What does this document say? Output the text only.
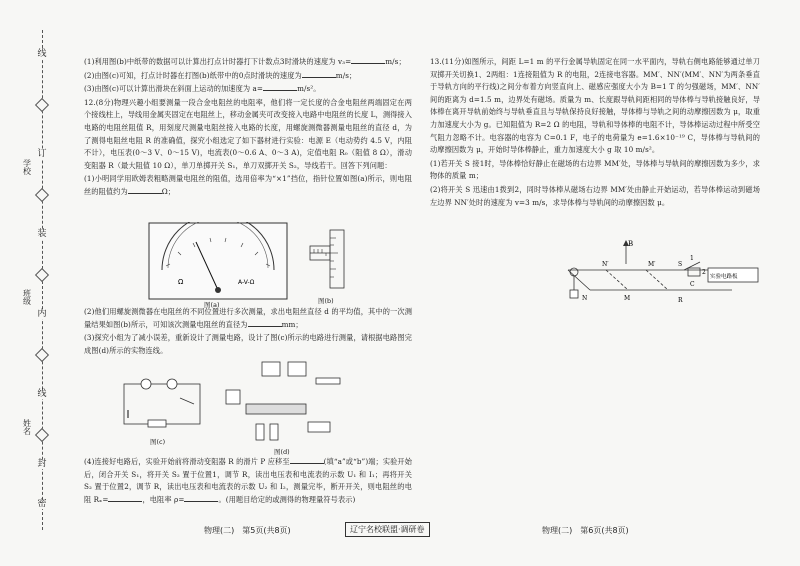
线
订
装
内
线
封
密
学校
班级
姓名

(1)利用图(b)中纸带的数据可以计算出打点计时器打下计数点3时滑块的速度为 v₃=	m/s；

(2)由图(c)可知，打点计时器在打图(b)纸带中的0点时滑块的速度为	m/s；

(3)由图(c)可以计算出滑块在斜面上运动的加速度为 a=	m/s²。

12.(8分)物理兴趣小组要测量一段合金电阻丝的电阻率，他们将一定长度的合金电阻丝两端固定在两个接线柱上，导线用金属夹固定在电阻丝上，移动金属夹可改变接入电路中电阻丝的长度 L，测得接入电路的电阻丝阻值 R，用刻度尺测量电阻丝接入电路的长度，用螺旋测微器测量电阻丝的直径 d，为了测得电阻丝电阻 R 的准确值，探究小组选定了如下器材进行实验：电源 E（电动势约 4.5 V，内阻不计），电压表(0～3 V、0～15 V)，电流表(0～0.6 A、0～3 A)，定值电阻 R₀（阻值 8 Ω），滑动变阻器 R（最大阻值 10 Ω），单刀单掷开关 S₁，单刀双掷开关 S₂，导线若干。回答下列问题：

(1)小明同学用欧姆表粗略测量电阻丝的阻值，选用倍率为“×1”挡位，指针位置如图(a)所示，则电阻丝的阻值约为	Ω；

Ω	A-V-Ω
图(a)	图(b)

(2)他们用螺旋测微器在电阻丝的不同位置进行多次测量，求出电阻丝直径 d 的平均值，其中的一次测量结果如图(b)所示，可知该次测量电阻丝的直径为	mm；

(3)探究小组为了减小误差，重新设计了测量电路，设计了图(c)所示的电路进行测量，请根据电路图完成图(d)所示的实物连线。

图(c)
图(d)

(4)连接好电路后，实验开始前将滑动变阻器 R 的滑片 P 应移至	(填“a”或“b”)端；实验开始后，闭合开关 S₁，将开关 S₂ 置于位置1，调节 R，读出电压表和电流表的示数 U₁ 和 I₁；再将开关 S₂ 置于位置2，调节 R，读出电压表和电流表的示数 U₂ 和 I₂，测量完毕，断开开关，则电阻丝的电阻 Rₓ=	，电阻率 ρ=	。(用题目给定的或测得的物理量符号表示)

13.(11分)如图所示，间距 L=1 m 的平行金属导轨固定在同一水平面内，导轨右侧电路能够通过单刀双掷开关切换1、2两组：1连接阻值为 R 的电阻，2连接电容器。MM′、NN′(MM′、NN′为两条垂直于导轨方向的平行线)之间分布着方向竖直向上、磁感应强度大小为 B=1 T 的匀强磁场，MM′、NN′间的距离为 d=1.5 m，边界处有磁场。质量为 m、长度跟导轨间距相同的导体棒与导轨接触良好，导体棒在离开导轨前始终与导轨垂直且与导轨保持良好接触，导体棒与导轨之间的动摩擦因数为 μ，取重力加速度大小为 g。已知阻值为 R=2 Ω 的电阻，导轨和导体棒的电阻不计，导体棒运动过程中所受空气阻力忽略不计。电容器的电容为 C=0.1 F，电子的电荷量为 e=1.6×10⁻¹⁹ C，导体棒与导轨间的动摩擦因数为 μ，开始时导体棒静止，重力加速度大小 g 取 10 m/s²。

(1)若开关 S 接1时，导体棒恰好静止在磁场的右边界 MM′处，导体棒与导轨间的摩擦因数为多少，求物体的质量 m；

(2)将开关 S 迅速由1拨到2，同时导体棒从磁场右边界 MM′处由静止开始运动，若导体棒运动到磁场左边界 NN′处时的速度为 v=3 m/s，求导体棒与导轨间的动摩擦因数 μ。

B
N	M
N′	M′	S
1
2
C
R
实验电路板
物理(二)　第5页(共8页)	辽宁名校联盟·调研卷	物理(二)　第6页(共8页)
